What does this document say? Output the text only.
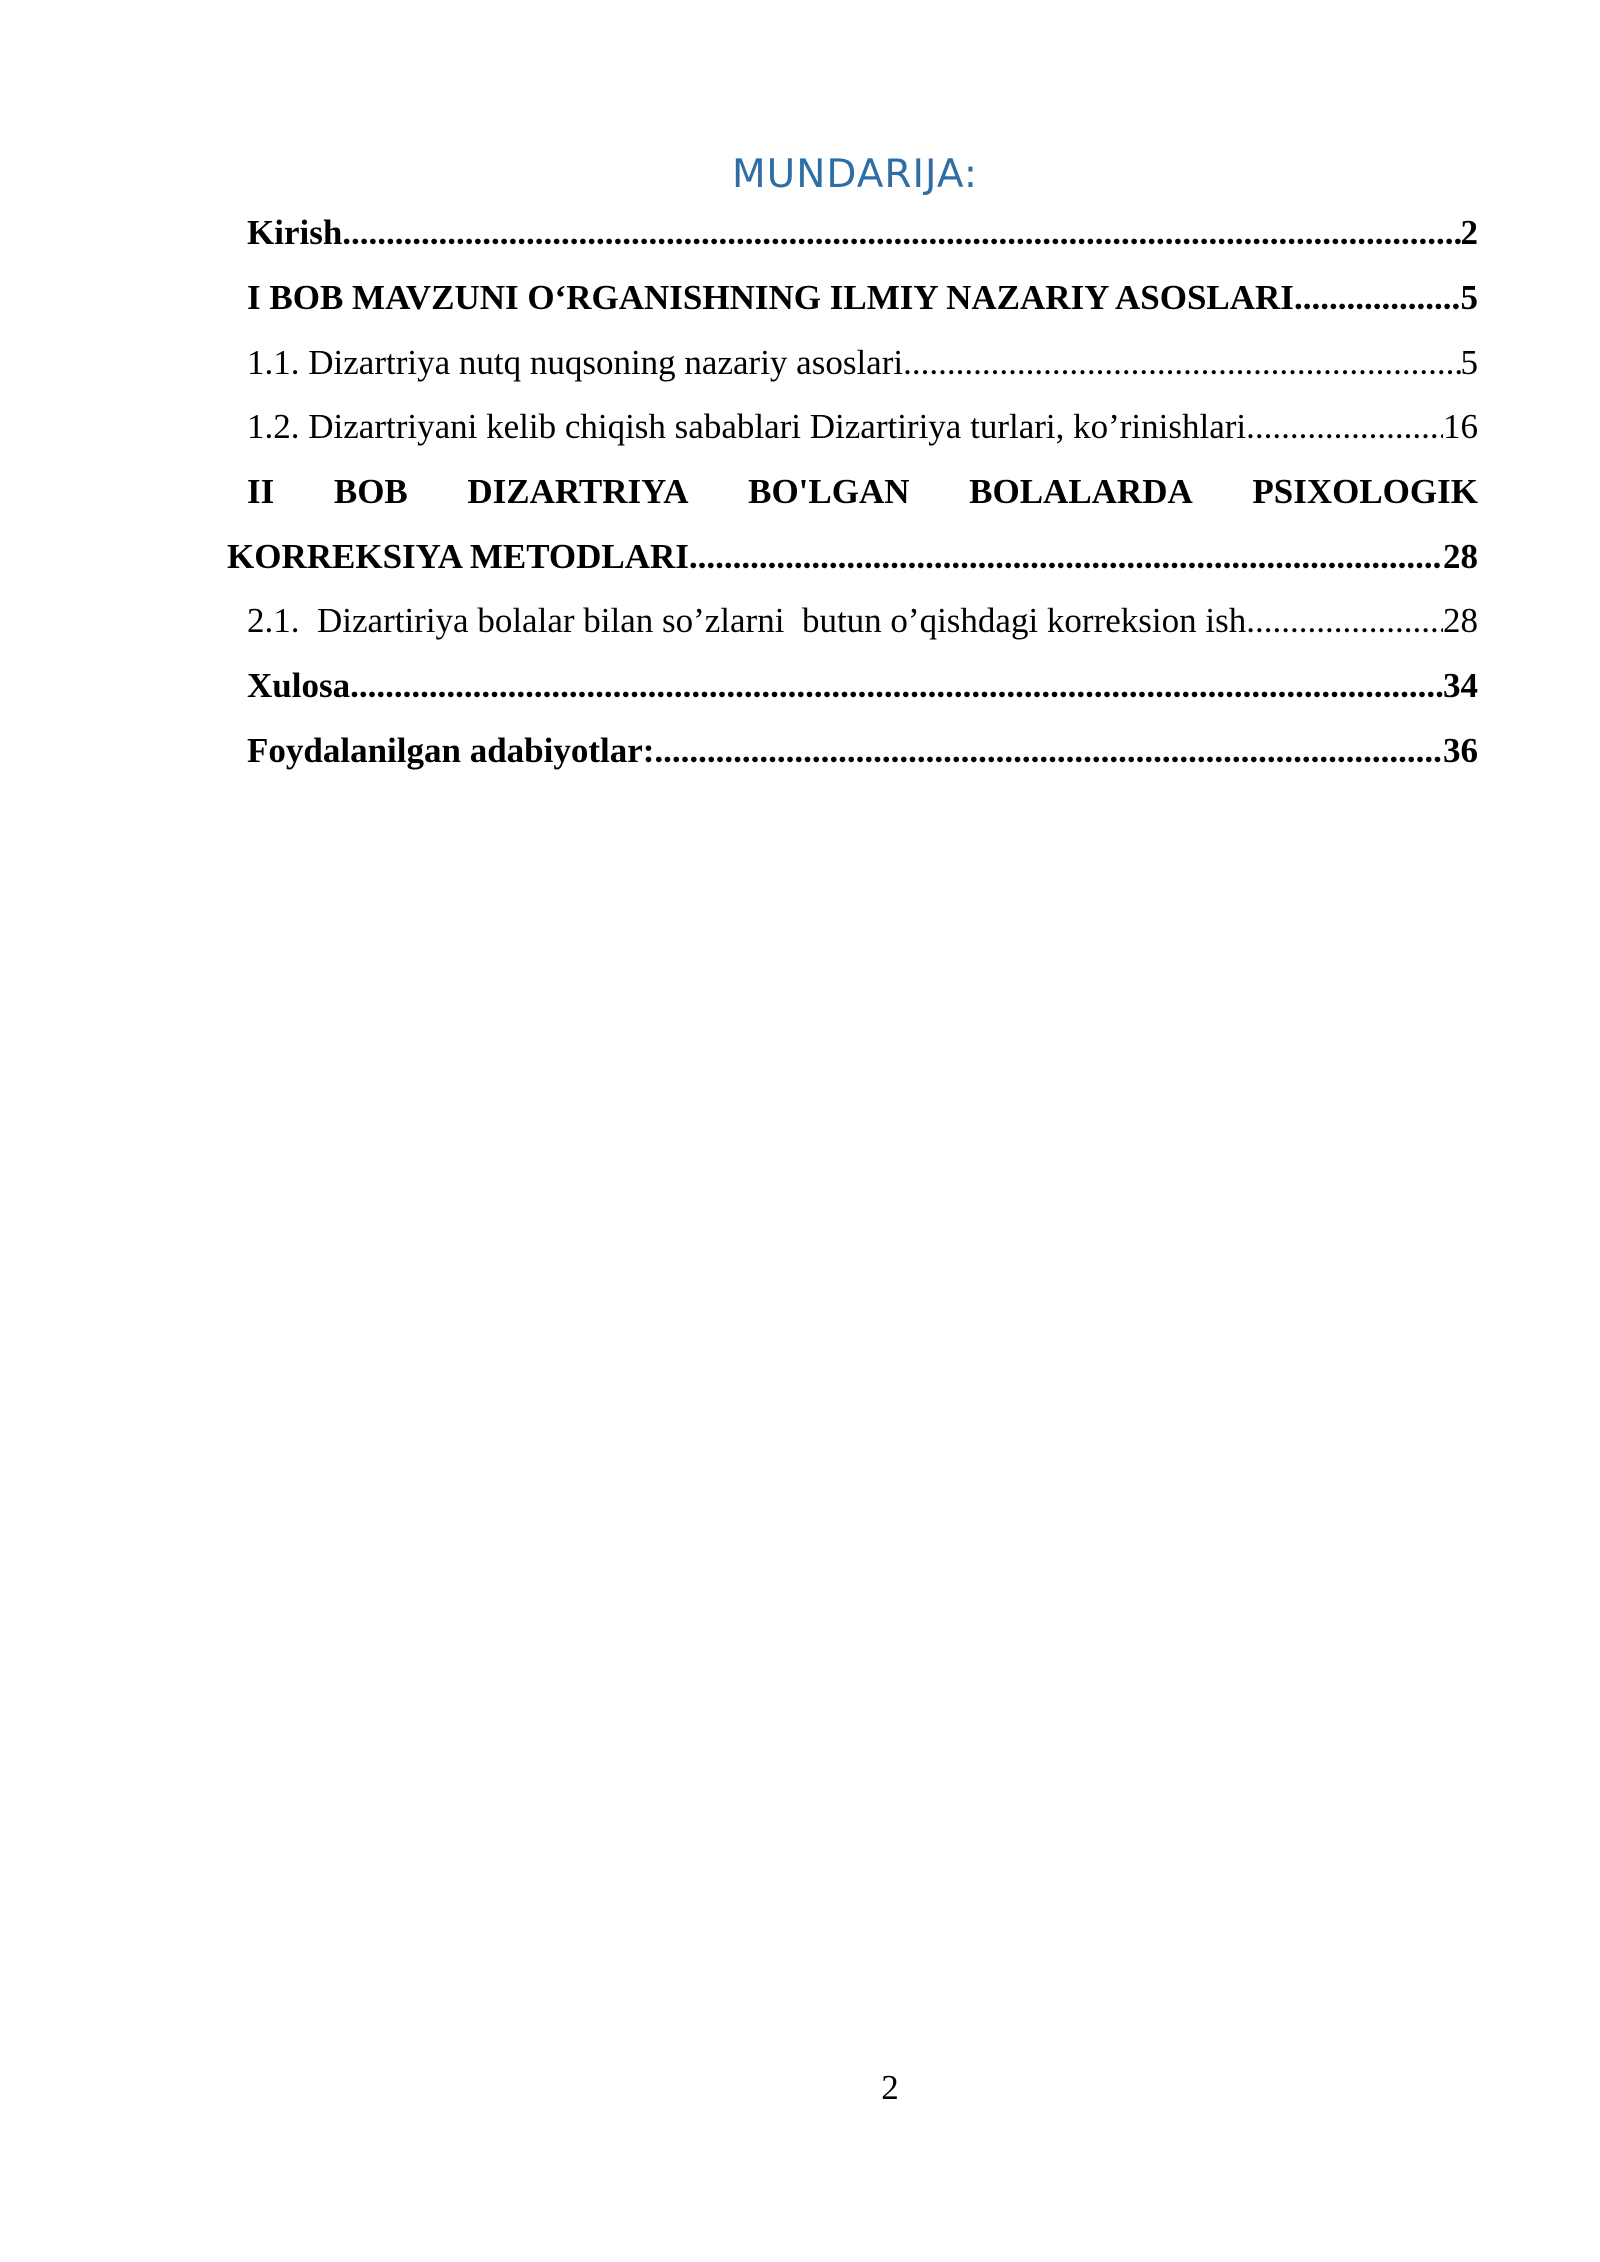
MUNDARIJA:
Kirish .....	2
I BOB MAVZUNI O‘RGANISHNING ILMIY NAZARIY ASOSLARI .....	5
1.1. Dizartriya nutq nuqsoning nazariy asoslari .....	5
1.2. Dizartriyani kelib chiqish sabablari Dizartiriya turlari, ko’rinishlari .....	16
II BOB DIZARTRIYA BO'LGAN BOLALARDA PSIXOLOGIK
KORREKSIYA METODLARI .....	28
2.1.  Dizartiriya bolalar bilan so’zlarni  butun o’qishdagi korreksion ish .....	28
Xulosa .....	34
Foydalanilgan adabiyotlar: .....	36
2
